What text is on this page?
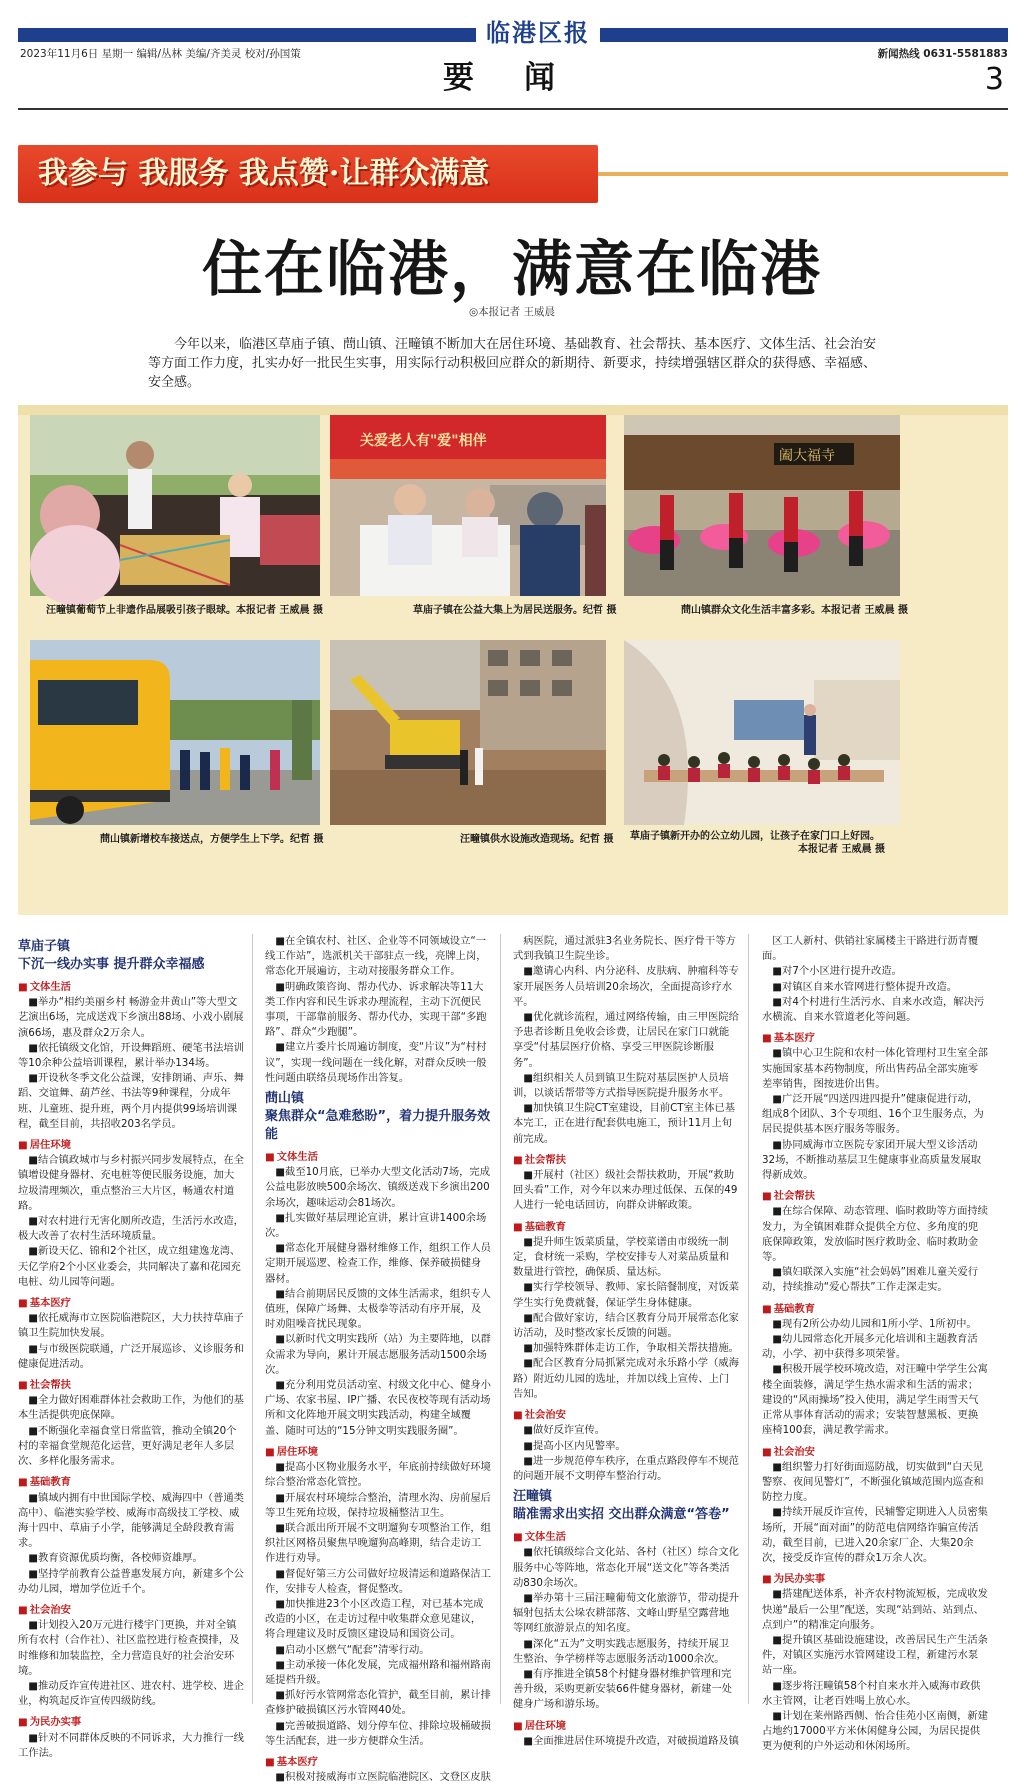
临港区报
2023年11月6日 星期一 编辑/丛林 美编/齐美灵 校对/孙国策	新闻热线 0631-5581883
要闻	3
我参与 我服务 我点赞·让群众满意
住在临港，满意在临港
◎本报记者 王威晨
今年以来，临港区草庙子镇、蔄山镇、汪疃镇不断加大在居住环境、基础教育、社会帮扶、基本医疗、文体生活、社会治安等方面工作力度，扎实办好一批民生实事，用实际行动积极回应群众的新期待、新要求，持续增强辖区群众的获得感、幸福感、安全感。
汪疃镇葡萄节上非遗作品展吸引孩子眼球。本报记者 王威晨 摄
关爱老人有"爱"相伴
草庙子镇在公益大集上为居民送服务。纪哲 摄
阖大福寺
蔄山镇群众文化生活丰富多彩。本报记者 王威晨 摄
蔄山镇新增校车接送点，方便学生上下学。纪哲 摄	汪疃镇供水设施改造现场。纪哲 摄 草庙子镇新开办的公立幼儿园，让孩子在家门口上好园。
本报记者 王威晨 摄
草庙子镇
下沉一线办实事 提升群众幸福感
■ 文体生活

■举办“相约美丽乡村 畅游金井黄山”等大型文艺演出6场，完成送戏下乡演出88场、小戏小剧展演66场，惠及群众2万余人。

■依托镇级文化馆，开设舞蹈班、硬笔书法培训等10余种公益培训课程，累计举办134场。

■开设秋冬季文化公益课，安排朗诵、声乐、舞蹈、交谊舞、葫芦丝、书法等9种课程，分成年班、儿童班、提升班，两个月内提供99场培训课程，截至目前，共招收203名学员。

■ 居住环境

■结合镇政城市与乡村振兴同步发展特点，在全镇增设健身器材、充电桩等便民服务设施，加大垃圾清理频次，重点整治三大片区，畅通农村道路。

■对农村进行无害化厕所改造，生活污水改造，极大改善了农村生活环境质量。

■新设天亿、锦和2个社区，成立组建逸龙湾、天亿学府2个小区业委会，共同解决了嘉和花园充电桩、幼儿园等问题。

■ 基本医疗

■依托威海市立医院临港院区，大力扶持草庙子镇卫生院加快发展。

■与市级医院联通，广泛开展巡诊、义诊服务和健康促进活动。

■ 社会帮扶

■全力做好困难群体社会救助工作，为他们的基本生活提供兜底保障。

■不断强化幸福食堂日常监管，推动全镇20个村的幸福食堂规范化运营，更好满足老年人多层次、多样化服务需求。

■ 基础教育

■镇域内拥有中世国际学校、威海四中（普通类高中）、临港实验学校、威海市高级技工学校、威海十四中、草庙子小学，能够满足全龄段教育需求。

■教育资源优质均衡，各校师资雄厚。

■坚持学前教育公益普惠发展方向，新建多个公办幼儿园，增加学位近千个。

■ 社会治安

■计划投入20万元进行楼宇门更换，并对全镇所有农村（合作社）、社区监控进行检查摸排，及时维修和加装监控，全力营造良好的社会治安环境。

■推动反诈宣传进社区、进农村、进学校、进企业，构筑起反诈宣传四级防线。

■ 为民办实事

■针对不同群体反映的不同诉求，大力推行一线工作法。

■在全镇农村、社区、企业等不同领域设立“一线工作站”，选派机关干部驻点一线，亮牌上岗，常态化开展遍访，主动对接服务群众工作。

■明确政策咨询、帮办代办、诉求解决等11大类工作内容和民生诉求办理流程，主动下沉便民事项，干部靠前服务、帮办代办，实现干部“多跑路”、群众“少跑腿”。

■建立片委片长周遍访制度，变“片议”为“村村议”，实现一线问题在一线化解，对群众反映一般性问题由联络员现场作出答复。

蔄山镇
聚焦群众“急难愁盼”，着力提升服务效能
■ 文体生活

■截至10月底，已举办大型文化活动7场，完成公益电影放映500余场次、镇级送戏下乡演出200余场次，趣味运动会81场次。

■扎实做好基层理论宣讲，累计宣讲1400余场次。

■常态化开展健身器材维修工作，组织工作人员定期开展巡逻、检查工作，维修、保养破损健身器材。

■结合前期居民反馈的文体生活需求，组织专人值班，保障广场舞、太极拳等活动有序开展，及时劝阻噪音扰民现象。

■以新时代文明实践所（站）为主要阵地，以群众需求为导向，累计开展志愿服务活动1500余场次。

■充分利用党员活动室、村级文化中心、健身小广场、农家书屋、IP广播、农民夜校等现有活动场所和文化阵地开展文明实践活动，构建全域覆盖、随时可达的“15分钟文明实践服务圈”。

■ 居住环境

■提高小区物业服务水平，年底前持续做好环境综合整治常态化管控。

■开展农村环境综合整治，清理水沟、房前屋后等卫生死角垃圾，保持垃圾桶整洁卫生。

■联合派出所开展不文明遛狗专项整治工作，组织社区网格员聚焦早晚遛狗高峰期，结合走访工作进行劝导。

■督促好第三方公司做好垃圾清运和道路保洁工作，安排专人检查，督促整改。

■加快推进23个小区改造工程，对已基本完成改造的小区，在走访过程中收集群众意见建议，将合理建议及时反馈区建设局和国资公司。

■启动小区燃气“配套”清零行动。

■主动承接一体化发展，完成福州路和福州路南延提档升级。

■抓好污水管网常态化管护，截至目前，累计排查修护破损镇区污水管网40处。

■完善破损道路、划分停车位、排除垃圾桶破损等生活配套，进一步方便群众生活。

■ 基本医疗

■积极对接威海市立医院临港院区、文登区皮肤

病医院，通过派驻3名业务院长、医疗骨干等方式到我镇卫生院坐诊。

■邀请心内科、内分泌科、皮肤病、肿瘤科等专家开展医务人员培训20余场次，全面提高诊疗水平。

■优化就诊流程，通过网络传输，由三甲医院给予患者诊断且免收会诊费，让居民在家门口就能享受“付基层医疗价格、享受三甲医院诊断服务”。

■组织相关人员到镇卫生院对基层医护人员培训，以谈话帮带等方式指导医院提升服务水平。

■加快镇卫生院CT室建设，目前CT室主体已基本完工，正在进行配套供电施工，预计11月上旬前完成。

■ 社会帮扶

■开展村（社区）级社会帮扶救助，开展“救助回头看”工作，对今年以来办理过低保、五保的49人进行一轮电话回访，向群众讲解政策。

■ 基础教育

■提升师生饭菜质量，学校菜谱由市级统一制定，食材统一采购，学校安排专人对菜品质量和数量进行管控，确保质、量达标。

■实行学校领导、教师、家长陪餐制度，对饭菜学生实行免费就餐，保证学生身体健康。

■配合做好家访，结合区教育分局开展常态化家访活动，及时整改家长反馈的问题。

■加强特殊群体走访工作，争取相关帮扶措施。

■配合区教育分局抓紧完成对永乐路小学（威海路）附近幼儿园的选址，并加以线上宣传、上门告知。

■ 社会治安

■做好反诈宣传。

■提高小区内见警率。

■进一步规范停车秩序，在重点路段停车不规范的问题开展不文明停车整治行动。

汪疃镇
瞄准需求出实招 交出群众满意“答卷”
■ 文体生活

■依托镇级综合文化站、各村（社区）综合文化服务中心等阵地，常态化开展“送文化”等各类活动830余场次。

■举办第十三届汪疃葡萄文化旅游节，带动提升辐射包括太公垛农耕部落、文峰山野星空露营地等网红旅游景点的知名度。

■深化“五为”文明实践志愿服务，持续开展卫生整治、争学榜样等志愿服务活动1000余次。

■有序推进全镇58个村健身器材维护管理和完善升级，采购更新安装66件健身器材，新建一处健身广场和游乐场。

■ 居住环境

■全面推进居住环境提升改造，对破损道路及镇

区工人新村、供销社家属楼主干路进行沥青覆面。

■对7个小区进行提升改造。

■对镇区自来水管网进行整体提升改造。

■对4个村进行生活污水、自来水改造，解决污水横流、自来水管道老化等问题。

■ 基本医疗

■镇中心卫生院和农村一体化管理村卫生室全部实施国家基本药物制度，所出售药品全部实施零差率销售，图按进价出售。

■广泛开展“四送四进四提升”健康促进行动，组成8个团队、3个专项组、16个卫生服务点，为居民提供基本医疗服务等服务。

■协同威海市立医院专家团开展大型义诊活动32场，不断推动基层卫生健康事业高质量发展取得新成效。

■ 社会帮扶

■在综合保障、动态管理、临时救助等方面持续发力，为全镇困难群众提供全方位、多角度的兜底保障政策，发放临时医疗救助金、临时救助金等。

■镇妇联深入实施“社会妈妈”困难儿童关爱行动，持续推动“爱心帮扶”工作走深走实。

■ 基础教育

■现有2所公办幼儿园和1所小学、1所初中。

■幼儿园常态化开展多元化培训和主题教育活动，小学、初中获得多项荣誉。

■积极开展学校环境改造，对汪疃中学学生公寓楼全面装修，满足学生热水需求和生活的需求；建设的“风雨操场”投入使用，满足学生雨雪天气正常从事体育活动的需求；安装智慧黑板、更换座椅100套，满足教学需求。

■ 社会治安

■组织警力打好街面巡防战，切实做到“白天见警察、夜间见警灯”，不断强化镇域范围内巡查和防控力度。

■持续开展反诈宣传，民辅警定期进入人员密集场所，开展“面对面”的防范电信网络诈骗宣传活动，截至目前，已进入20余家厂企、大集20余次，接受反诈宣传的群众1万余人次。

■ 为民办实事

■搭建配送体系，补齐农村物流短板，完成收发快递“最后一公里”配送，实现“站到站、站到点、点到户”的精准定向服务。

■提升镇区基础设施建设，改善居民生产生活条件，对镇区实施污水管网建设工程，新建污水泵站一座。

■逐步将汪疃镇58个村自来水并入威海市政供水主管网，让老百姓喝上放心水。

■计划在莱州路西侧、怡合佳苑小区南侧，新建占地约17000平方米休闲健身公园，为居民提供更为便利的户外运动和休闲场所。
